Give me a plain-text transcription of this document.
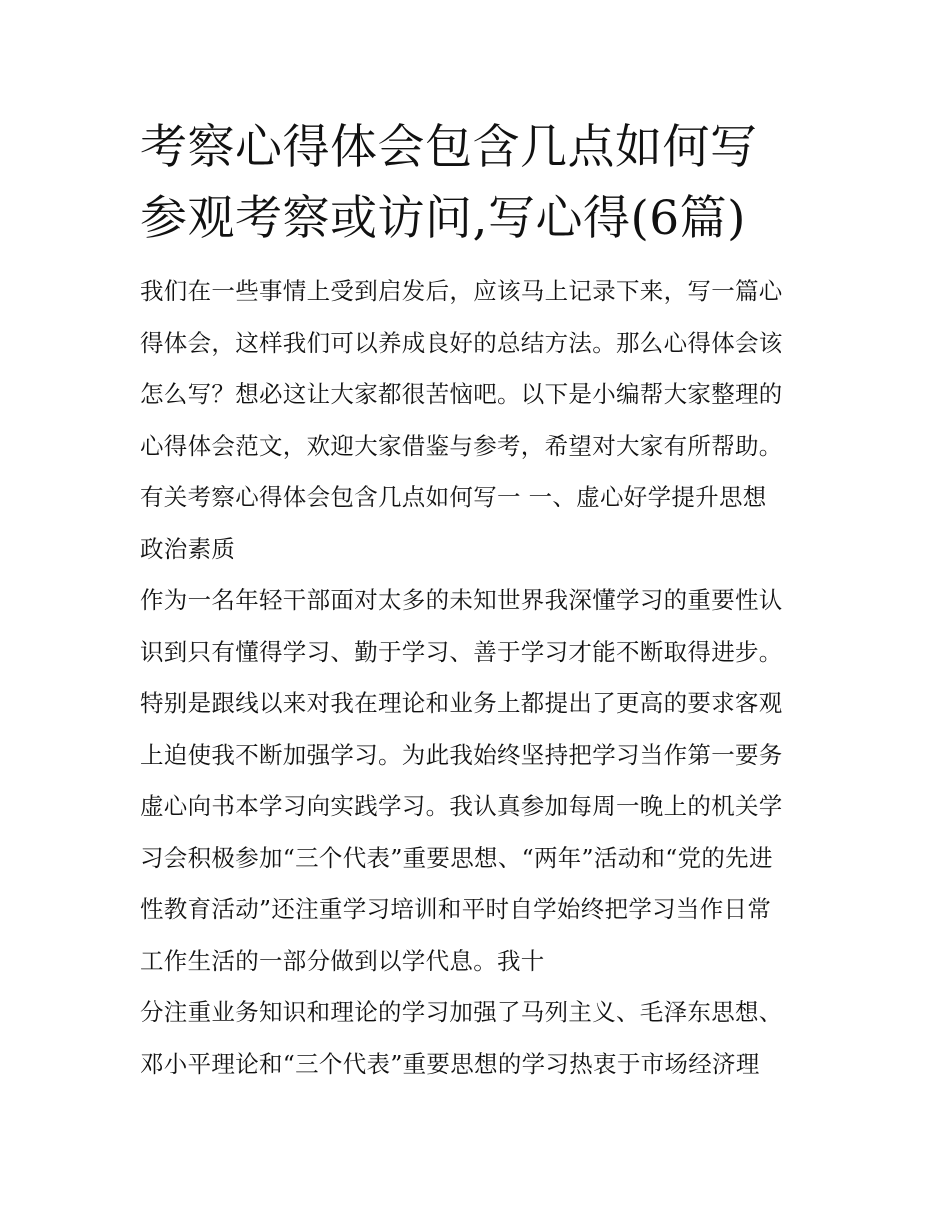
考察心得体会包含几点如何写
参观考察或访问,写心得(6篇)

我们在一些事情上受到启发后，应该马上记录下来，写一篇心
得体会，这样我们可以养成良好的总结方法。那么心得体会该
怎么写？想必这让大家都很苦恼吧。以下是小编帮大家整理的
心得体会范文，欢迎大家借鉴与参考，希望对大家有所帮助。

有关考察心得体会包含几点如何写一 一、虚心好学提升思想
政治素质

作为一名年轻干部面对太多的未知世界我深懂学习的重要性认
识到只有懂得学习、勤于学习、善于学习才能不断取得进步。
特别是跟线以来对我在理论和业务上都提出了更高的要求客观
上迫使我不断加强学习。为此我始终坚持把学习当作第一要务
虚心向书本学习向实践学习。我认真参加每周一晚上的机关学
习会积极参加“三个代表”重要思想、“两年”活动和“党的先进
性教育活动”还注重学习培训和平时自学始终把学习当作日常
工作生活的一部分做到以学代息。我十

分注重业务知识和理论的学习加强了马列主义、毛泽东思想、
邓小平理论和“三个代表”重要思想的学习热衷于市场经济理
